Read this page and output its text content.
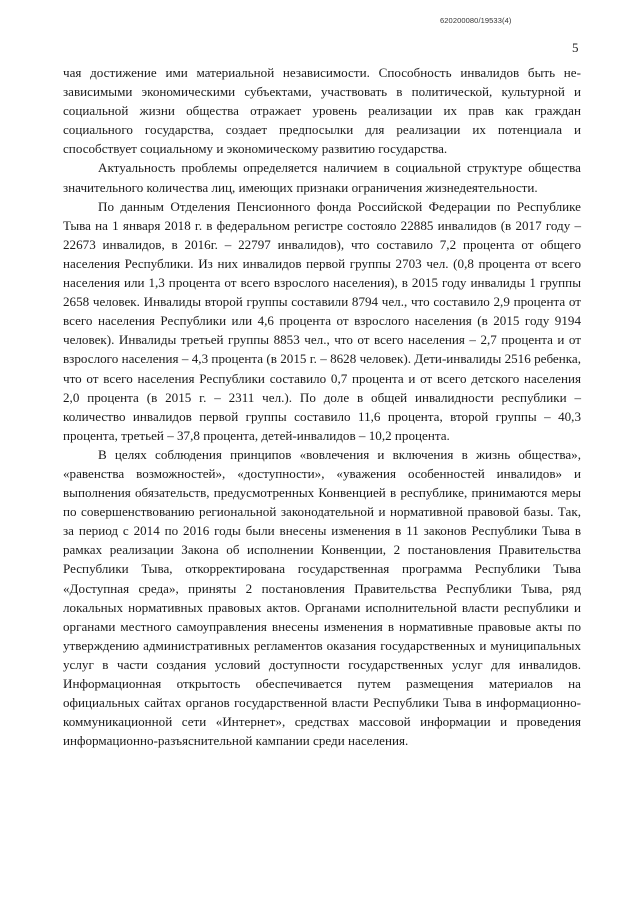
620200080/19533(4)
5

чая достижение ими материальной независимости. Способность инвалидов быть независимыми экономическими субъектами, участвовать в политической, культурной и социальной жизни общества отражает уровень реализации их прав как граждан социального государства, создает предпосылки для реализации их потенциала и способствует социальному и экономическому развитию государства.

Актуальность проблемы определяется наличием в социальной структуре общества значительного количества лиц, имеющих признаки ограничения жизнедеятельности.

По данным Отделения Пенсионного фонда Российской Федерации по Республике Тыва на 1 января 2018 г. в федеральном регистре состояло 22885 инвалидов (в 2017 году – 22673 инвалидов, в 2016г. – 22797 инвалидов), что составило 7,2 процента от общего населения Республики. Из них инвалидов первой группы 2703 чел. (0,8 процента от всего населения или 1,3 процента от всего взрослого населения), в 2015 году инвалиды 1 группы 2658 человек. Инвалиды второй группы составили 8794 чел., что составило 2,9 процента от всего населения Республики или 4,6 процента от взрослого населения (в 2015 году 9194 человек). Инвалиды третьей группы 8853 чел., что от всего населения – 2,7 процента и от взрослого населения – 4,3 процента (в 2015 г. – 8628 человек). Дети-инвалиды 2516 ребенка, что от всего населения Республики составило 0,7 процента и от всего детского населения 2,0 процента (в 2015 г. – 2311 чел.). По доле в общей инвалидности республики – количество инвалидов первой группы составило 11,6 процента, второй группы – 40,3 процента, третьей – 37,8 процента, детей-инвалидов – 10,2 процента.

В целях соблюдения принципов «вовлечения и включения в жизнь общества», «равенства возможностей», «доступности», «уважения особенностей инвалидов» и выполнения обязательств, предусмотренных Конвенцией в республике, принимаются меры по совершенствованию региональной законодательной и нормативной правовой базы. Так, за период с 2014 по 2016 годы были внесены изменения в 11 законов Республики Тыва в рамках реализации Закона об исполнении Конвенции, 2 постановления Правительства Республики Тыва, откорректирована государственная программа Республики Тыва «Доступная среда», приняты 2 постановления Правительства Республики Тыва, ряд локальных нормативных правовых актов. Органами исполнительной власти республики и органами местного самоуправления внесены изменения в нормативные правовые акты по утверждению административных регламентов оказания государственных и муниципальных услуг в части создания условий доступности государственных услуг для инвалидов. Информационная открытость обеспечивается путем размещения материалов на официальных сайтах органов государственной власти Республики Тыва в информационно-коммуникационной сети «Интернет», средствах массовой информации и проведения информационно-разъяснительной кампании среди населения.
